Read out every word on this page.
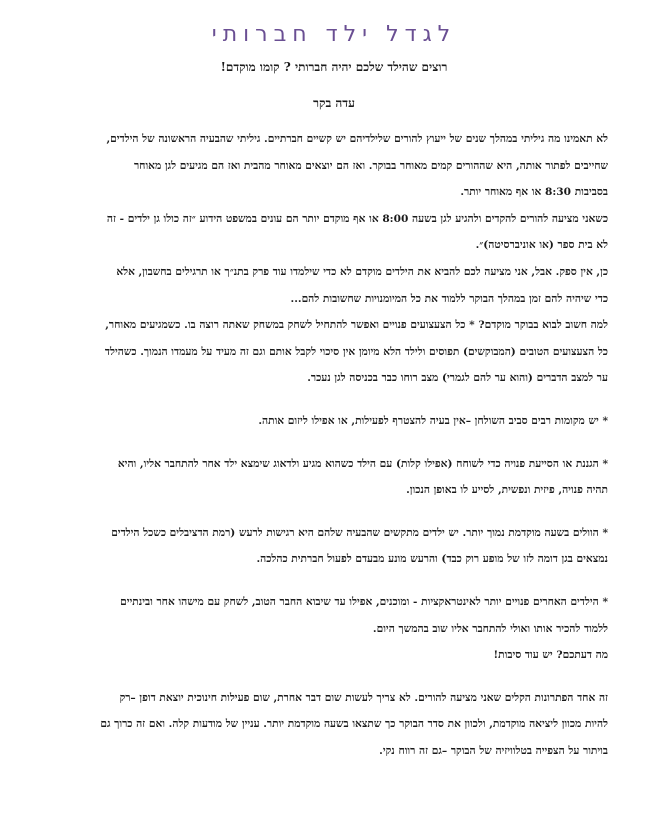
לגדל ילד חברותי
רוצים שהילד שלכם יהיה חברותי ? קומו מוקדם!
עדה בקר

לא תאמינו מה גיליתי במהלך שנים של ייעוץ להורים שלילדיהם יש קשיים חברתיים. גיליתי שהבעיה הראשונה של הילדים, שחייבים לפתור אותה, היא שההורים קמים מאוחר בבוקר. ואז הם יוצאים מאוחר מהבית ואז הם מגיעים לגן מאוחר בסביבות 8:30 או אף מאוחר יותר.

כשאני מציעה להורים להקדים ולהגיע לגן בשעה 8:00 או אף מוקדם יותר הם עונים במשפט הידוע ״זה כולו גן ילדים - זה לא בית ספר (או אוניברסיטה)״.

כן, אין ספק. אבל, אני מציעה לכם להביא את הילדים מוקדם לא כדי שילמדו עוד פרק בתנ״ך או תרגילים בחשבון, אלא כדי שיהיה להם זמן במהלך הבוקר ללמוד את כל המיומנויות שחשובות להם...

למה חשוב לבוא בבוקר מוקדם? * כל הצעצועים פנויים ואפשר להתחיל לשחק במשחק שאתה רוצה בו. כשמגיעים מאוחר, כל הצעצועים הטובים (המבוקשים) תפוסים ולילד הלא מיומן אין סיכוי לקבל אותם וגם זה מעיד על מעמדו הנמוך. כשהילד ער למצב הדברים (והוא ער להם לגמרי) מצב רוחו כבר בכניסה לגן נעכר.

* יש מקומות רבים סביב השולחן –אין בעיה להצטרף לפעילות, או אפילו ליזום אותה.

* הגננת או הסייעת פנויה כדי לשוחח (אפילו קלות) עם הילד כשהוא מגיע ולדאוג שימצא ילד אחר להתחבר אליו, והיא תהיה פנויה, פיזית ונפשית, לסייע לו באופן הנכון.

* הוולים בשעה מוקדמת נמוך יותר. יש ילדים מתקשים שהבעיה שלהם היא רגישות לרעש (רמת הדציבלים כשכל הילדים נמצאים בגן דומה לזו של מופע רוק כבד) והרעש מונע מבעדם לפעול חברתית כהלכה.

* הילדים האחרים פנויים יותר לאינטראקציות - ומוכנים, אפילו עד שיבוא החבר הטוב, לשחק עם מישהו אחר ובינתיים ללמוד להכיר אותו ואולי להתחבר אליו שוב בהמשך היום.

מה דעתכם? יש עוד סיבות!

זה אחד הפתרונות הקלים שאני מציעה להורים. לא צריך לעשות שום דבר אחרת, שום פעילות חינוכית יוצאת דופן –רק להיות מכוון ליציאה מוקדמת, ולכוון את סדר הבוקר כך שתצאו בשעה מוקדמת יותר. עניין של מודעות קלה. ואם זה כרוך גם בויתור על הצפייה בטלוויזיה של הבוקר –גם זה רווח נקי.
